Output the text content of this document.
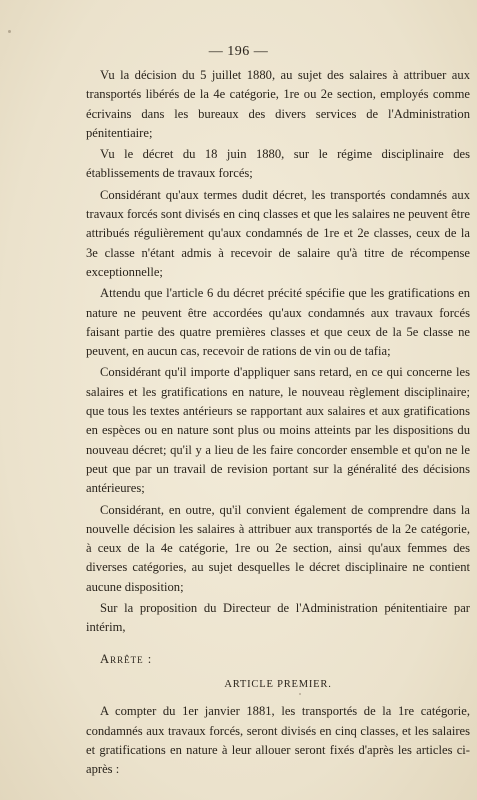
— 196 —

Vu la décision du 5 juillet 1880, au sujet des salaires à attribuer aux transportés libérés de la 4e catégorie, 1re ou 2e section, employés comme écrivains dans les bureaux des divers services de l'Administration pénitentiaire;

Vu le décret du 18 juin 1880, sur le régime disciplinaire des établissements de travaux forcés;

Considérant qu'aux termes dudit décret, les transportés condamnés aux travaux forcés sont divisés en cinq classes et que les salaires ne peuvent être attribués régulièrement qu'aux condamnés de 1re et 2e classes, ceux de la 3e classe n'étant admis à recevoir de salaire qu'à titre de récompense exceptionnelle;

Attendu que l'article 6 du décret précité spécifie que les gratifications en nature ne peuvent être accordées qu'aux condamnés aux travaux forcés faisant partie des quatre premières classes et que ceux de la 5e classe ne peuvent, en aucun cas, recevoir de rations de vin ou de tafia;

Considérant qu'il importe d'appliquer sans retard, en ce qui concerne les salaires et les gratifications en nature, le nouveau règlement disciplinaire; que tous les textes antérieurs se rapportant aux salaires et aux gratifications en espèces ou en nature sont plus ou moins atteints par les dispositions du nouveau décret; qu'il y a lieu de les faire concorder ensemble et qu'on ne le peut que par un travail de revision portant sur la généralité des décisions antérieures;

Considérant, en outre, qu'il convient également de comprendre dans la nouvelle décision les salaires à attribuer aux transportés de la 2e catégorie, à ceux de la 4e catégorie, 1re ou 2e section, ainsi qu'aux femmes des diverses catégories, au sujet desquelles le décret disciplinaire ne contient aucune disposition;

Sur la proposition du Directeur de l'Administration pénitentiaire par intérim,

Arrête :
ARTICLE PREMIER.

A compter du 1er janvier 1881, les transportés de la 1re catégorie, condamnés aux travaux forcés, seront divisés en cinq classes, et les salaires et gratifications en nature à leur allouer seront fixés d'après les articles ci-après :
